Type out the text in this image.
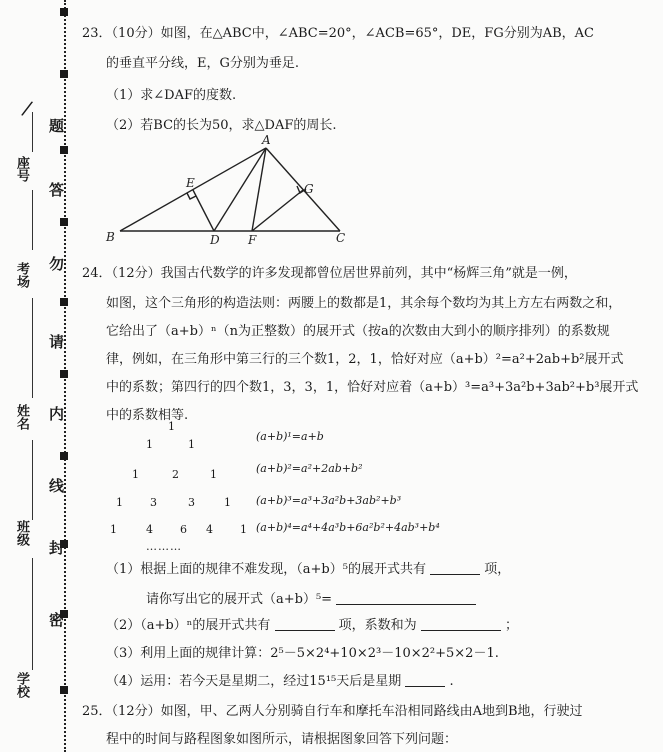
题
答
勿
请
内
线
封
密
/
座号
考场
姓名
班级
学校
23．（10分）如图，在△ABC中，∠ABC=20°，∠ACB=65°，DE，FG分别为AB，AC
的垂直平分线，E，G分别为垂足.
（1）求∠DAF的度数.
（2）若BC的长为50，求△DAF的周长.
A
B	C
D
E
F
G
24．（12分）我国古代数学的许多发现都曾位居世界前列，其中“杨辉三角”就是一例，
如图，这个三角形的构造法则：两腰上的数都是1，其余每个数均为其上方左右两数之和，
它给出了（a+b）ⁿ（n为正整数）的展开式（按a的次数由大到小的顺序排列）的系数规
律，例如，在三角形中第三行的三个数1，2，1，恰好对应（a+b）²=a²+2ab+b²展开式
中的系数；第四行的四个数1，3，3，1，恰好对应着（a+b）³=a³+3a²b+3ab²+b³展开式
中的系数相等.
1
1	1
1	2	1
1 3	3	1
1	4 6 4 1
………
(a+b)¹=a+b
(a+b)²=a²+2ab+b²
(a+b)³=a³+3a²b+3ab²+b³
(a+b)⁴=a⁴+4a³b+6a²b²+4ab³+b⁴
（1）根据上面的规律不难发现，（a+b）⁵的展开式共有	项，
请你写出它的展开式（a+b）⁵=
（2）（a+b）ⁿ的展开式共有	项，系数和为	；
（3）利用上面的规律计算：2⁵－5×2⁴+10×2³－10×2²+5×2－1.
（4）运用：若今天是星期二，经过15¹⁵天后是星期	.
25．（12分）如图，甲、乙两人分别骑自行车和摩托车沿相同路线由A地到B地，行驶过
程中的时间与路程图象如图所示，请根据图象回答下列问题：
